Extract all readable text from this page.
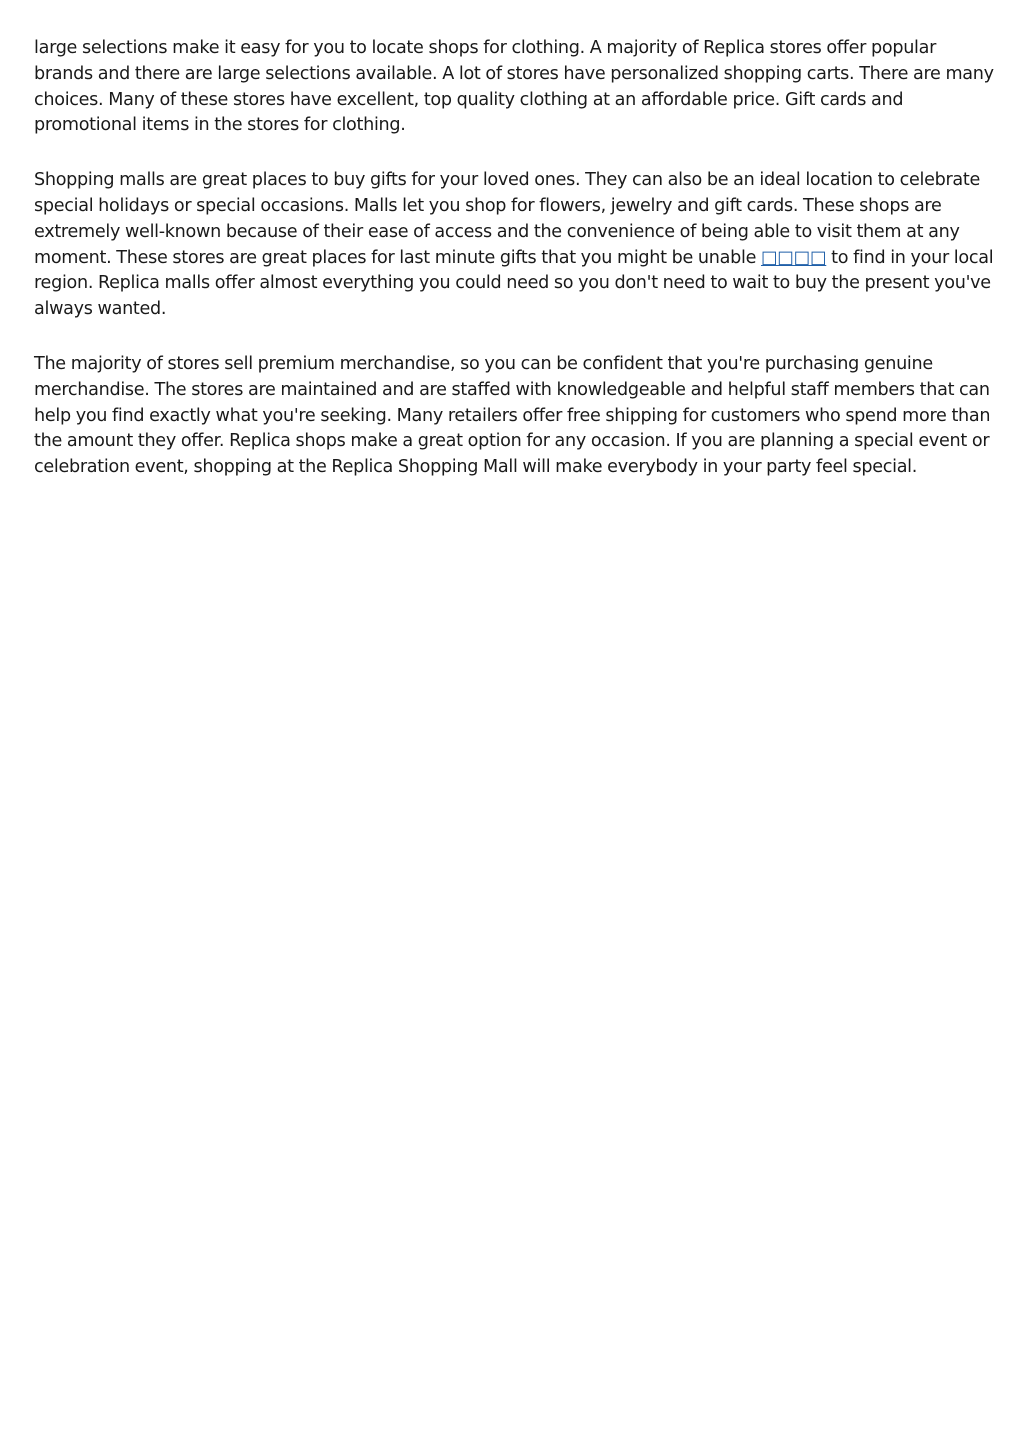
large selections make it easy for you to locate shops for clothing. A majority of Replica stores offer popular brands and there are large selections available. A lot of stores have personalized shopping carts. There are many choices. Many of these stores have excellent, top quality clothing at an affordable price. Gift cards and promotional items in the stores for clothing.

Shopping malls are great places to buy gifts for your loved ones. They can also be an ideal location to celebrate special holidays or special occasions. Malls let you shop for flowers, jewelry and gift cards. These shops are extremely well-known because of their ease of access and the convenience of being able to visit them at any moment. These stores are great places for last minute gifts that you might be unable □□□□ to find in your local region. Replica malls offer almost everything you could need so you don't need to wait to buy the present you've always wanted.

The majority of stores sell premium merchandise, so you can be confident that you're purchasing genuine merchandise. The stores are maintained and are staffed with knowledgeable and helpful staff members that can help you find exactly what you're seeking. Many retailers offer free shipping for customers who spend more than the amount they offer. Replica shops make a great option for any occasion. If you are planning a special event or celebration event, shopping at the Replica Shopping Mall will make everybody in your party feel special.
